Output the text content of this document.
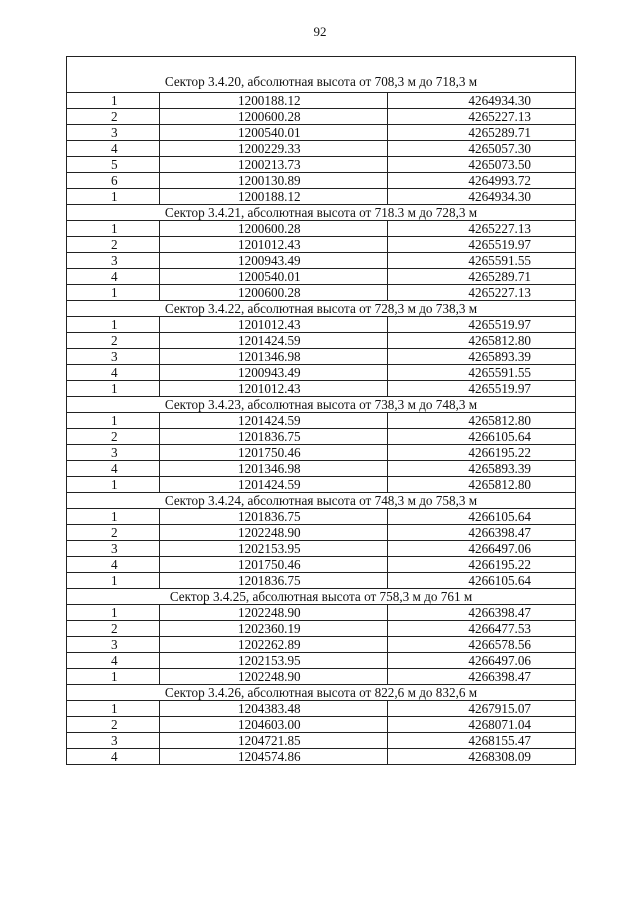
92
Сектор 3.4.20, абсолютная высота от 708,3 м до 718,3 м		
1	1200188.12	4264934.30
2	1200600.28	4265227.13
3	1200540.01	4265289.71
4	1200229.33	4265057.30
5	1200213.73	4265073.50
6	1200130.89	4264993.72
1	1200188.12	4264934.30
Сектор 3.4.21, абсолютная высота от 718.3 м до 728,3 м		
1	1200600.28	4265227.13
2	1201012.43	4265519.97
3	1200943.49	4265591.55
4	1200540.01	4265289.71
1	1200600.28	4265227.13
Сектор 3.4.22, абсолютная высота от 728,3 м до 738,3 м		
1	1201012.43	4265519.97
2	1201424.59	4265812.80
3	1201346.98	4265893.39
4	1200943.49	4265591.55
1	1201012.43	4265519.97
Сектор 3.4.23, абсолютная высота от 738,3 м до 748,3 м		
1	1201424.59	4265812.80
2	1201836.75	4266105.64
3	1201750.46	4266195.22
4	1201346.98	4265893.39
1	1201424.59	4265812.80
Сектор 3.4.24, абсолютная высота от 748,3 м до 758,3 м		
1	1201836.75	4266105.64
2	1202248.90	4266398.47
3	1202153.95	4266497.06
4	1201750.46	4266195.22
1	1201836.75	4266105.64
Сектор 3.4.25, абсолютная высота от 758,3 м до 761 м		
1	1202248.90	4266398.47
2	1202360.19	4266477.53
3	1202262.89	4266578.56
4	1202153.95	4266497.06
1	1202248.90	4266398.47
Сектор 3.4.26, абсолютная высота от 822,6 м до 832,6 м		
1	1204383.48	4267915.07
2	1204603.00	4268071.04
3	1204721.85	4268155.47
4	1204574.86	4268308.09
